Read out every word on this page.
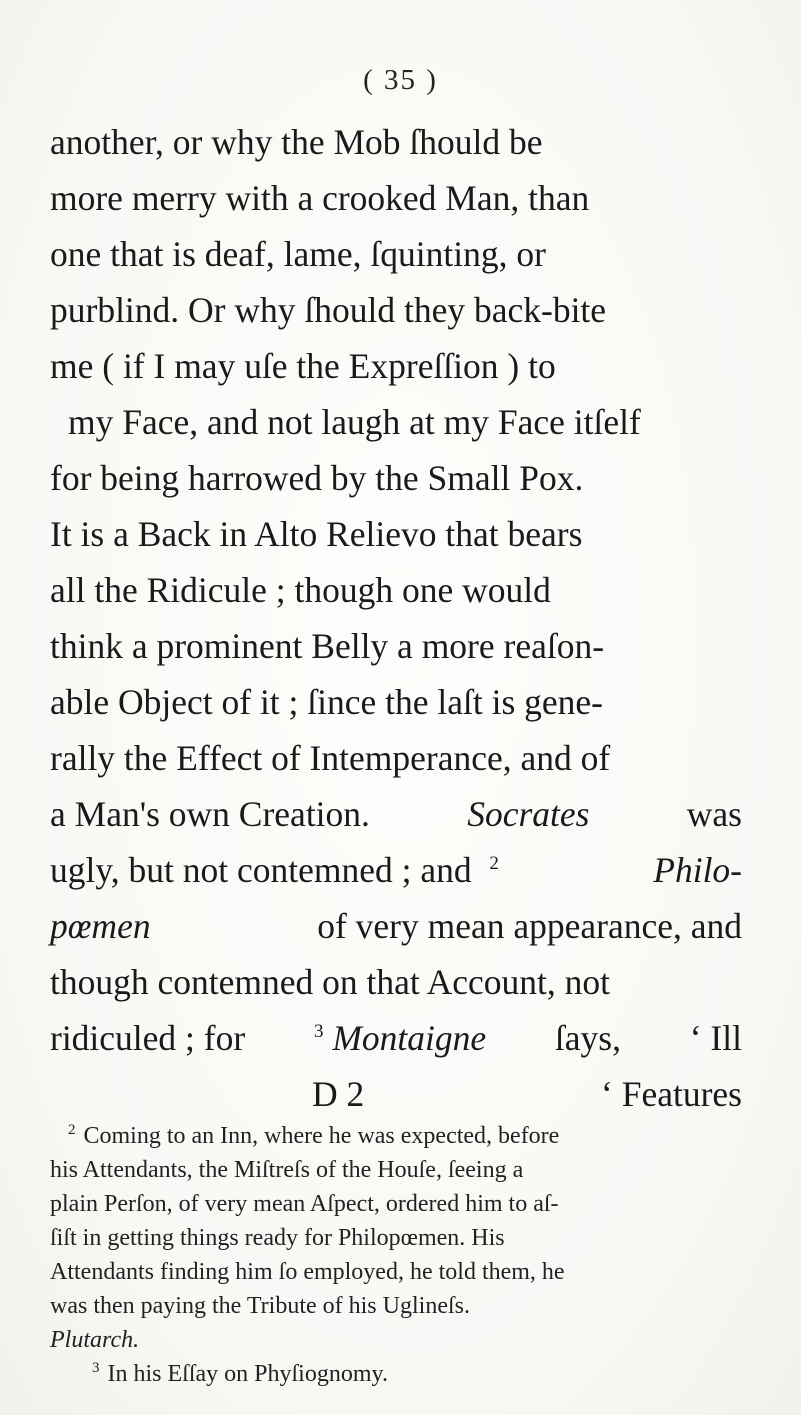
( 35 )
another, or why the Mob ſhould be
more merry with a crooked Man, than
one that is deaf, lame, ſquinting, or
purblind. Or why ſhould they back-bite
me ( if I may uſe the Expreſſion ) to
my Face, and not laugh at my Face itſelf
for being harrowed by the Small Pox.
It is a Back in Alto Relievo that bears
all the Ridicule ; though one would
think a prominent Belly a more reaſon-
able Object of it ; ſince the laſt is gene-
rally the Effect of Intemperance, and of
a Man's own Creation.	Socrates	was
ugly, but not contemned ; and $^2$	Philo-
pœmen	of very mean appearance, and
though contemned on that Account, not
ridiculed ; for	$^3$ Montaigne ſays, ‘ Ill
D 2	‘ Features
$^2$ Coming to an Inn, where he was expected, before
his Attendants, the Miſtreſs of the Houſe, ſeeing a
plain Perſon, of very mean Aſpect, ordered him to aſ-
ſiſt in getting things ready for Philopœmen. His
Attendants finding him ſo employed, he told them, he
was then paying the Tribute of his Uglineſs.
Plutarch.
$^3$ In his Eſſay on Phyſiognomy.
